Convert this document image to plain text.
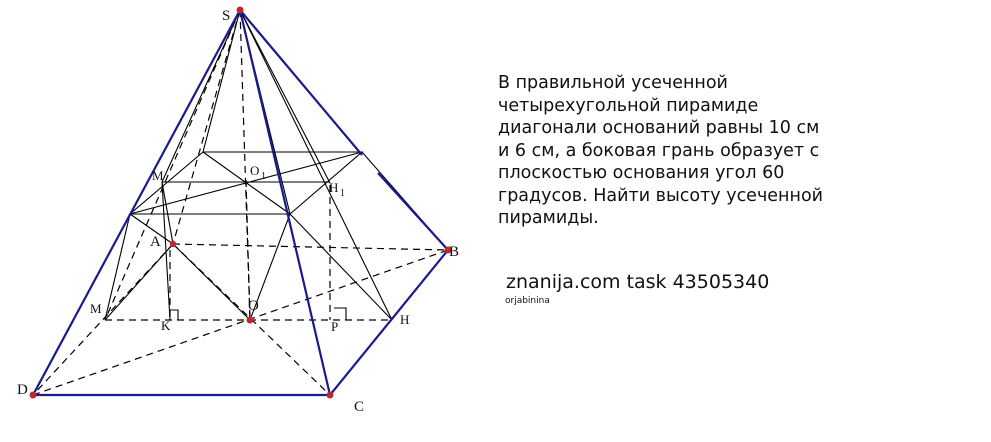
S
A
B
C
D
O
M
K	P	H
M	O 1
H 1
В правильной усеченной
четырехугольной пирамиде
диагонали оснований равны 10 см
и 6 см, а боковая грань образует с
плоскостью основания угол 60
градусов. Найти высоту усеченной
пирамиды.
znanija.com task 43505340
orjabinina
